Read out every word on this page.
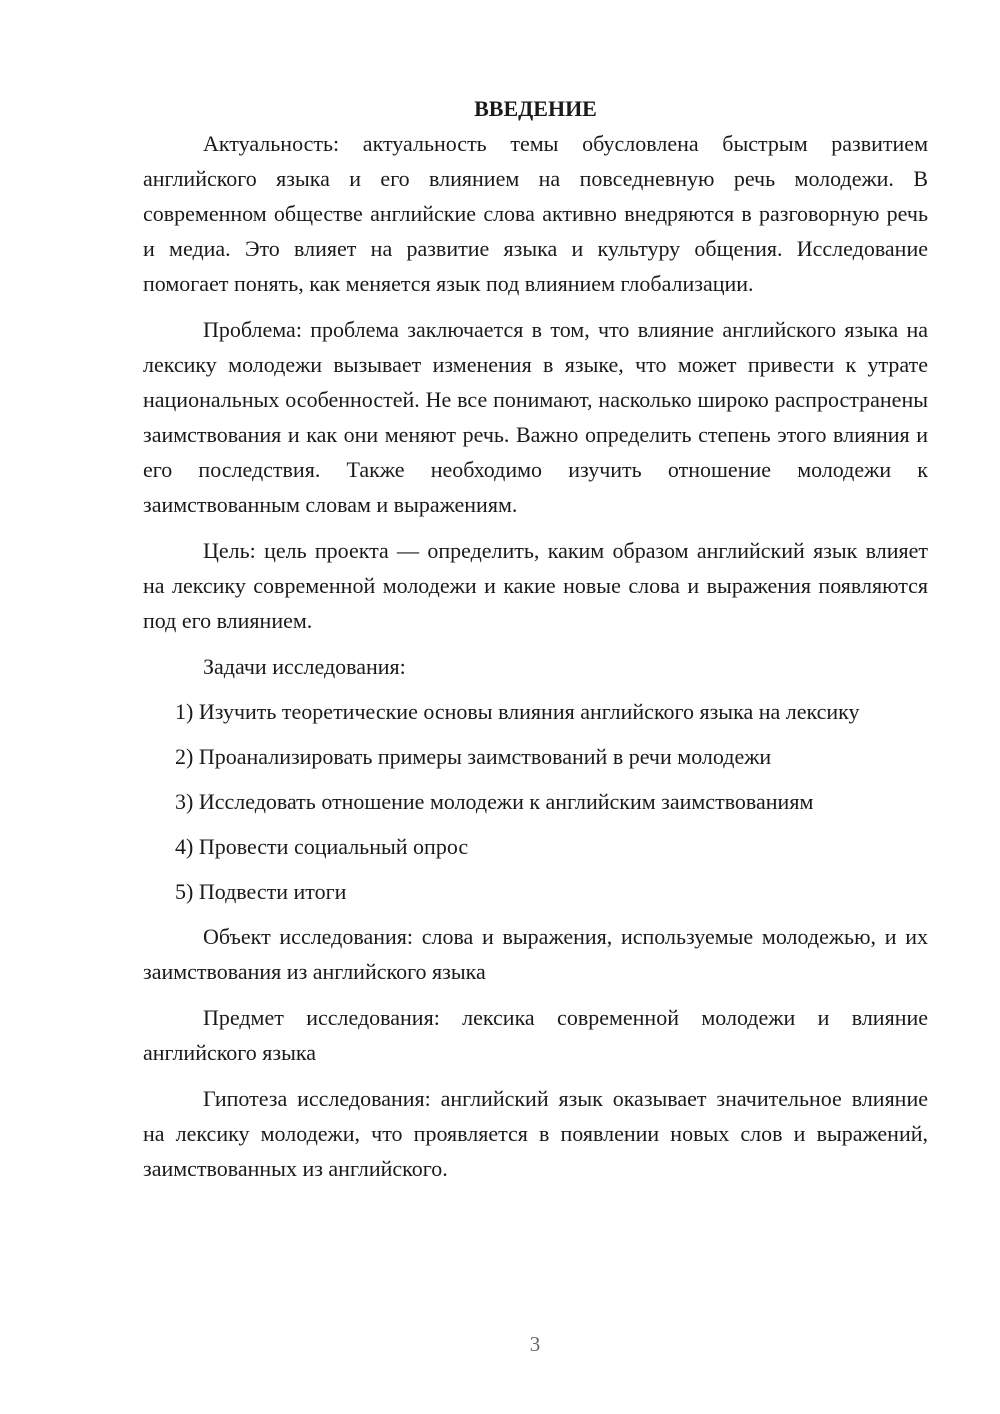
ВВЕДЕНИЕ

Актуальность: актуальность темы обусловлена быстрым развитием английского языка и его влиянием на повседневную речь молодежи. В современном обществе английские слова активно внедряются в разговорную речь и медиа. Это влияет на развитие языка и культуру общения. Исследование помогает понять, как меняется язык под влиянием глобализации.

Проблема: проблема заключается в том, что влияние английского языка на лексику молодежи вызывает изменения в языке, что может привести к утрате национальных особенностей. Не все понимают, насколько широко распространены заимствования и как они меняют речь. Важно определить степень этого влияния и его последствия. Также необходимо изучить отношение молодежи к заимствованным словам и выражениям.

Цель: цель проекта — определить, каким образом английский язык влияет на лексику современной молодежи и какие новые слова и выражения появляются под его влиянием.

Задачи исследования:

1) Изучить теоретические основы влияния английского языка на лексику

2) Проанализировать примеры заимствований в речи молодежи

3) Исследовать отношение молодежи к английским заимствованиям

4) Провести социальный опрос

5) Подвести итоги

Объект исследования: слова и выражения, используемые молодежью, и их заимствования из английского языка

Предмет исследования: лексика современной молодежи и влияние английского языка

Гипотеза исследования: английский язык оказывает значительное влияние на лексику молодежи, что проявляется в появлении новых слов и выражений, заимствованных из английского.

3
